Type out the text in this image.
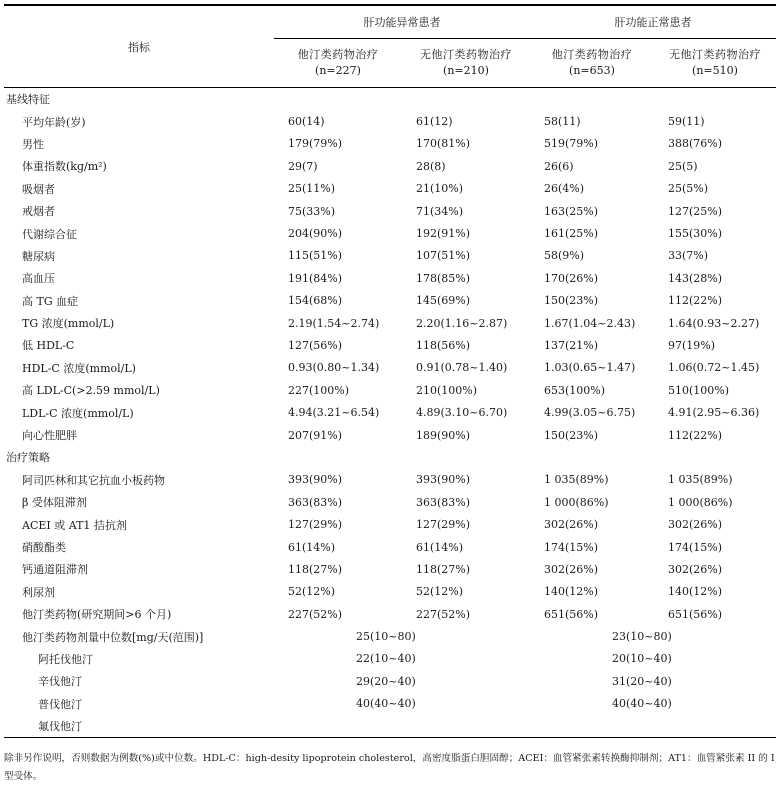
指标	肝功能异常患者		肝功能正常患者	
	他汀类药物治疗	无他汀类药物治疗	他汀类药物治疗	无他汀类药物治疗
	(n=227)	(n=210)	(n=653)	(n=510)
基线特征				
平均年龄(岁)	60(14)	61(12)	58(11)	59(11)
男性	179(79%)	170(81%)	519(79%)	388(76%)
体重指数(kg/m²)	29(7)	28(8)	26(6)	25(5)
吸烟者	25(11%)	21(10%)	26(4%)	25(5%)
戒烟者	75(33%)	71(34%)	163(25%)	127(25%)
代谢综合征	204(90%)	192(91%)	161(25%)	155(30%)
糖尿病	115(51%)	107(51%)	58(9%)	33(7%)
高血压	191(84%)	178(85%)	170(26%)	143(28%)
高 TG 血症	154(68%)	145(69%)	150(23%)	112(22%)
TG 浓度(mmol/L)	2.19(1.54~2.74)	2.20(1.16~2.87)	1.67(1.04~2.43)	1.64(0.93~2.27)
低 HDL-C	127(56%)	118(56%)	137(21%)	97(19%)
HDL-C 浓度(mmol/L)	0.93(0.80~1.34)	0.91(0.78~1.40)	1.03(0.65~1.47)	1.06(0.72~1.45)
高 LDL-C(>2.59 mmol/L)	227(100%)	210(100%)	653(100%)	510(100%)
LDL-C 浓度(mmol/L)	4.94(3.21~6.54)	4.89(3.10~6.70)	4.99(3.05~6.75)	4.91(2.95~6.36)
向心性肥胖	207(91%)	189(90%)	150(23%)	112(22%)
治疗策略				
阿司匹林和其它抗血小板药物	393(90%)	393(90%)	1 035(89%)	1 035(89%)
β 受体阻滞剂	363(83%)	363(83%)	1 000(86%)	1 000(86%)
ACEI 或 AT1 拮抗剂	127(29%)	127(29%)	302(26%)	302(26%)
硝酸酯类	61(14%)	61(14%)	174(15%)	174(15%)
钙通道阻滞剂	118(27%)	118(27%)	302(26%)	302(26%)
利尿剂	52(12%)	52(12%)	140(12%)	140(12%)
他汀类药物(研究期间>6 个月)	227(52%)	227(52%)	651(56%)	651(56%)
他汀类药物剂量中位数[mg/天(范围)]	25(10~80)		23(10~80)	
阿托伐他汀	22(10~40)		20(10~40)	
辛伐他汀	29(20~40)		31(20~40)	
普伐他汀	40(40~40)		40(40~40)	
氟伐他汀				
除非另作说明，否则数据为例数(%)或中位数。HDL-C：high-desity lipoprotein cholesterol，高密度脂蛋白胆固醇；ACEI：血管紧张素转换酶抑制剂；AT1：血管紧张素 II 的 I 型受体。
